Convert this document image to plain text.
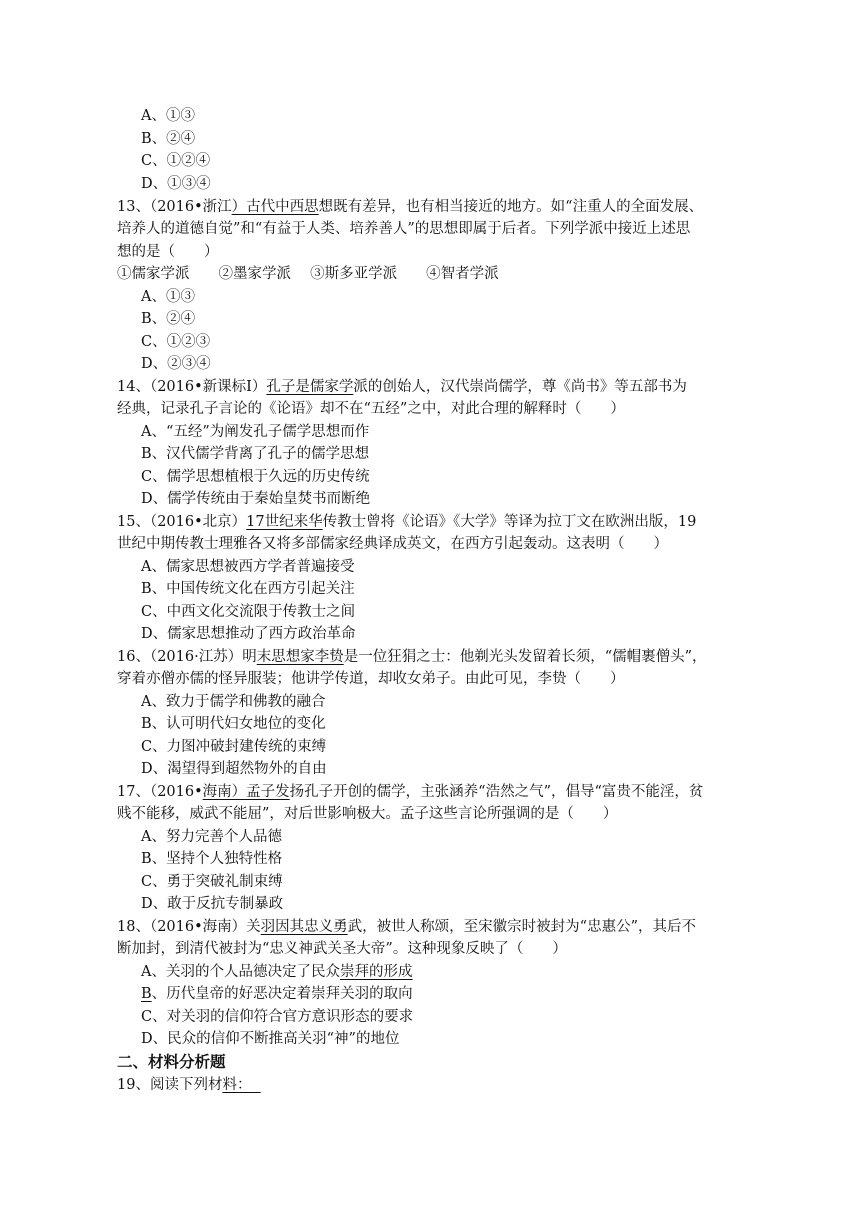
A、①③
B、②④
C、①②④
D、①③④
13、（2016•浙江）古代中西思想既有差异，也有相当接近的地方。如“注重人的全面发展、
培养人的道德自觉”和“有益于人类、培养善人”的思想即属于后者。下列学派中接近上述思
想的是（　　）
①儒家学派　　②墨家学派　 ③斯多亚学派　　④智者学派
A、①③
B、②④
C、①②③
D、②③④
14、（2016•新课标Ⅰ）孔子是儒家学派的创始人，汉代崇尚儒学，尊《尚书》等五部书为
经典，记录孔子言论的《论语》却不在“五经”之中，对此合理的解释时（　　）
A、“五经”为阐发孔子儒学思想而作
B、汉代儒学背离了孔子的儒学思想
C、儒学思想植根于久远的历史传统
D、儒学传统由于秦始皇焚书而断绝
15、（2016•北京）17世纪来华传教士曾将《论语》《大学》等译为拉丁文在欧洲出版，19
世纪中期传教士理雅各又将多部儒家经典译成英文，在西方引起轰动。这表明（　　）
A、儒家思想被西方学者普遍接受
B、中国传统文化在西方引起关注
C、中西文化交流限于传教士之间
D、儒家思想推动了西方政治革命
16、（2016·江苏）明末思想家李贽是一位狂狷之士：他剃光头发留着长须，“儒帽裹僧头”，
穿着亦僧亦儒的怪异服装；他讲学传道，却收女弟子。由此可见，李贽（　　）
A、致力于儒学和佛教的融合
B、认可明代妇女地位的变化
C、力图冲破封建传统的束缚
D、渴望得到超然物外的自由
17、（2016•海南）孟子发扬孔子开创的儒学，主张涵养“浩然之气”，倡导“富贵不能淫，贫
贱不能移，威武不能屈”，对后世影响极大。孟子这些言论所强调的是（　　）
A、努力完善个人品德
B、坚持个人独特性格
C、勇于突破礼制束缚
D、敢于反抗专制暴政
18、（2016•海南）关羽因其忠义勇武，被世人称颂，至宋徽宗时被封为“忠惠公”，其后不
断加封，到清代被封为“忠义神武关圣大帝”。这种现象反映了（　　）
A、关羽的个人品德决定了民众崇拜的形成
B、历代皇帝的好恶决定着崇拜关羽的取向
C、对关羽的信仰符合官方意识形态的要求
D、民众的信仰不断推高关羽“神”的地位
二、材料分析题
19、阅读下列材料：
